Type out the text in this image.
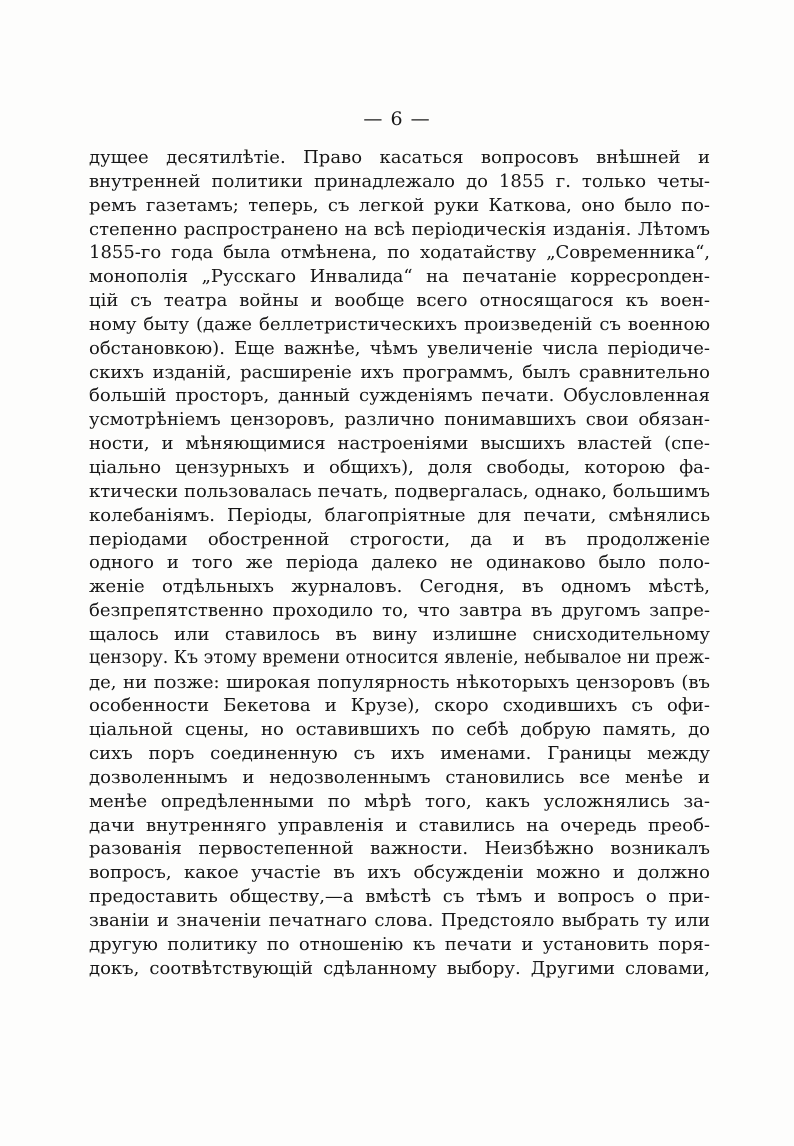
— 6 —
дущее десятилѣтіе. Право касаться вопросовъ внѣшней и
внутренней политики принадлежало до 1855 г. только четы-
ремъ газетамъ; теперь, съ легкой руки Каткова, оно было по-
степенно распространено на всѣ періодическія изданія. Лѣтомъ
1855-го года была отмѣнена, по ходатайству „Современника“,
монополія „Русскаго Инвалида“ на печатаніе корресponден-
цій съ театра войны и вообще всего относящагося къ воен-
ному быту (даже беллетристическихъ произведеній съ военною
обстановкою). Еще важнѣе, чѣмъ увеличеніе числа періодиче-
скихъ изданій, расширеніе ихъ программъ, былъ сравнительно
большій просторъ, данный сужденіямъ печати. Обусловленная
усмотрѣніемъ цензоровъ, различно понимавшихъ свои обязан-
ности, и мѣняющимися настроеніями высшихъ властей (спе-
ціально цензурныхъ и общихъ), доля свободы, которою фа-
ктически пользовалась печать, подвергалась, однако, большимъ
колебаніямъ. Періоды, благопріятные для печати, смѣнялись
періодами обостренной строгости, да и въ продолженіе
одного и того же періода далеко не одинаково было поло-
женіе отдѣльныхъ журналовъ. Сегодня, въ одномъ мѣстѣ,
безпрепятственно проходило то, что завтра въ другомъ запре-
щалось или ставилось въ вину излишне снисходительному
цензору. Къ этому времени относится явленіе, небывалое ни преж-
де, ни позже: широкая популярность нѣкоторыхъ цензоровъ (въ
особенности Бекетова и Крузе), скоро сходившихъ съ офи-
ціальной сцены, но оставившихъ по себѣ добрую память, до
сихъ поръ соединенную съ ихъ именами. Границы между
дозволеннымъ и недозволеннымъ становились все менѣе и
менѣе опредѣленными по мѣрѣ того, какъ усложнялись за-
дачи внутренняго управленія и ставились на очередь преоб-
разованія первостепенной важности. Неизбѣжно возникалъ
вопросъ, какое участіе въ ихъ обсужденіи можно и должно
предоставить обществу,—а вмѣстѣ съ тѣмъ и вопросъ о при-
званіи и значеніи печатнаго слова. Предстояло выбрать ту или
другую политику по отношенію къ печати и установить поря-
докъ, соотвѣтствующій сдѣланному выбору. Другими словами,
